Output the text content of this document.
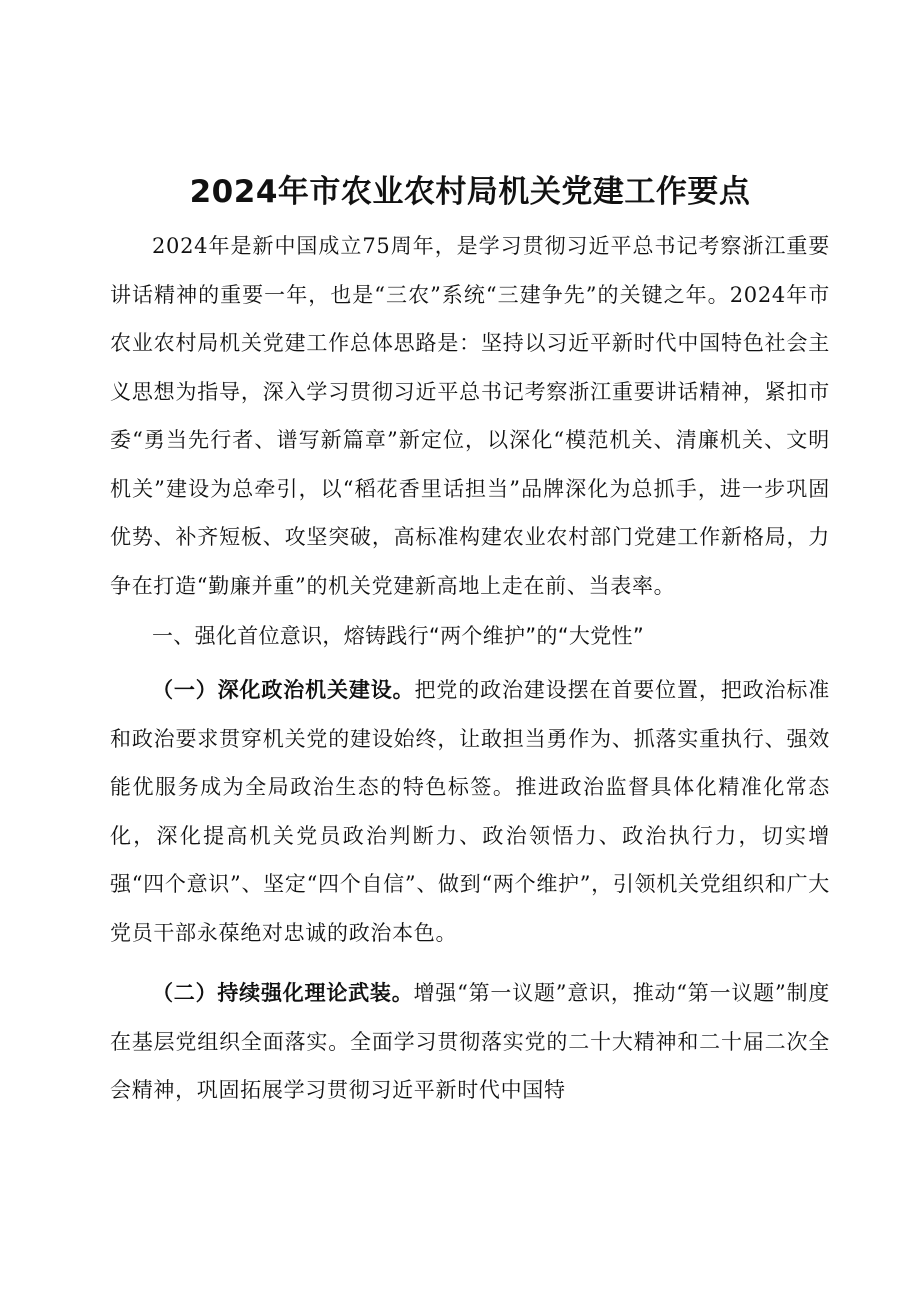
2024年市农业农村局机关党建工作要点

2024年是新中国成立75周年，是学习贯彻习近平总书记考察浙江重要讲话精神的重要一年，也是“三农”系统“三建争先”的关键之年。2024年市农业农村局机关党建工作总体思路是：坚持以习近平新时代中国特色社会主义思想为指导，深入学习贯彻习近平总书记考察浙江重要讲话精神，紧扣市委“勇当先行者、谱写新篇章”新定位，以深化“模范机关、清廉机关、文明机关”建设为总牵引，以“稻花香里话担当”品牌深化为总抓手，进一步巩固优势、补齐短板、攻坚突破，高标准构建农业农村部门党建工作新格局，力争在打造“勤廉并重”的机关党建新高地上走在前、当表率。

一、强化首位意识，熔铸践行“两个维护”的“大党性”

（一）深化政治机关建设。把党的政治建设摆在首要位置，把政治标准和政治要求贯穿机关党的建设始终，让敢担当勇作为、抓落实重执行、强效能优服务成为全局政治生态的特色标签。推进政治监督具体化精准化常态化，深化提高机关党员政治判断力、政治领悟力、政治执行力，切实增强“四个意识”、坚定“四个自信”、做到“两个维护”，引领机关党组织和广大党员干部永葆绝对忠诚的政治本色。

（二）持续强化理论武装。增强“第一议题”意识，推动“第一议题”制度在基层党组织全面落实。全面学习贯彻落实党的二十大精神和二十届二次全会精神，巩固拓展学习贯彻习近平新时代中国特
